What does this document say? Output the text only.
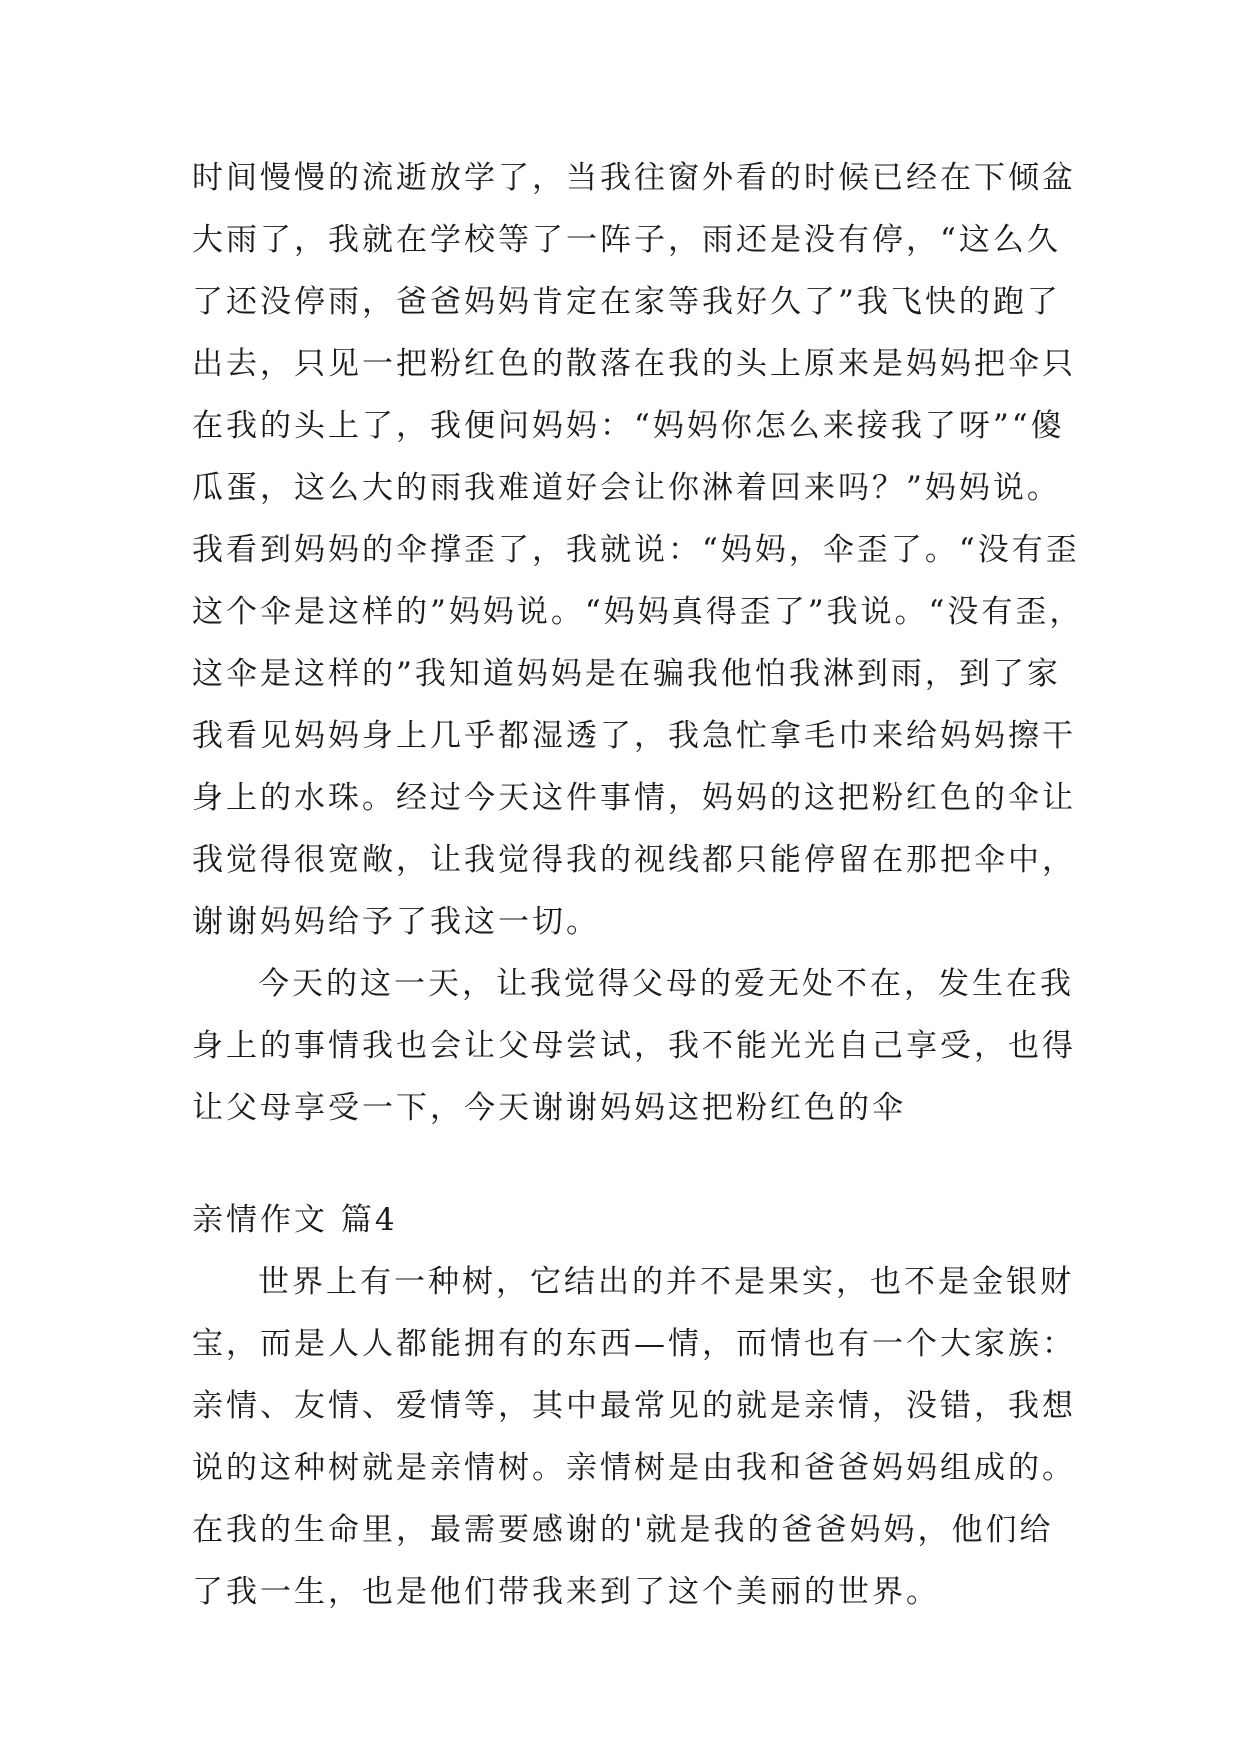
时间慢慢的流逝放学了，当我往窗外看的时候已经在下倾盆
大雨了，我就在学校等了一阵子，雨还是没有停，“这么久
了还没停雨，爸爸妈妈肯定在家等我好久了”我飞快的跑了
出去，只见一把粉红色的散落在我的头上原来是妈妈把伞只
在我的头上了，我便问妈妈：“妈妈你怎么来接我了呀”“傻
瓜蛋，这么大的雨我难道好会让你淋着回来吗？”妈妈说。
我看到妈妈的伞撑歪了，我就说：“妈妈，伞歪了。“没有歪
这个伞是这样的”妈妈说。“妈妈真得歪了”我说。“没有歪，
这伞是这样的”我知道妈妈是在骗我他怕我淋到雨，到了家
我看见妈妈身上几乎都湿透了，我急忙拿毛巾来给妈妈擦干
身上的水珠。经过今天这件事情，妈妈的这把粉红色的伞让
我觉得很宽敞，让我觉得我的视线都只能停留在那把伞中，
谢谢妈妈给予了我这一切。
今天的这一天，让我觉得父母的爱无处不在，发生在我
身上的事情我也会让父母尝试，我不能光光自己享受，也得
让父母享受一下，今天谢谢妈妈这把粉红色的伞
亲情作文 篇4
世界上有一种树，它结出的并不是果实，也不是金银财
宝，而是人人都能拥有的东西—情，而情也有一个大家族：
亲情、友情、爱情等，其中最常见的就是亲情，没错，我想
说的这种树就是亲情树。亲情树是由我和爸爸妈妈组成的。
在我的生命里，最需要感谢的'就是我的爸爸妈妈，他们给
了我一生，也是他们带我来到了这个美丽的世界。
